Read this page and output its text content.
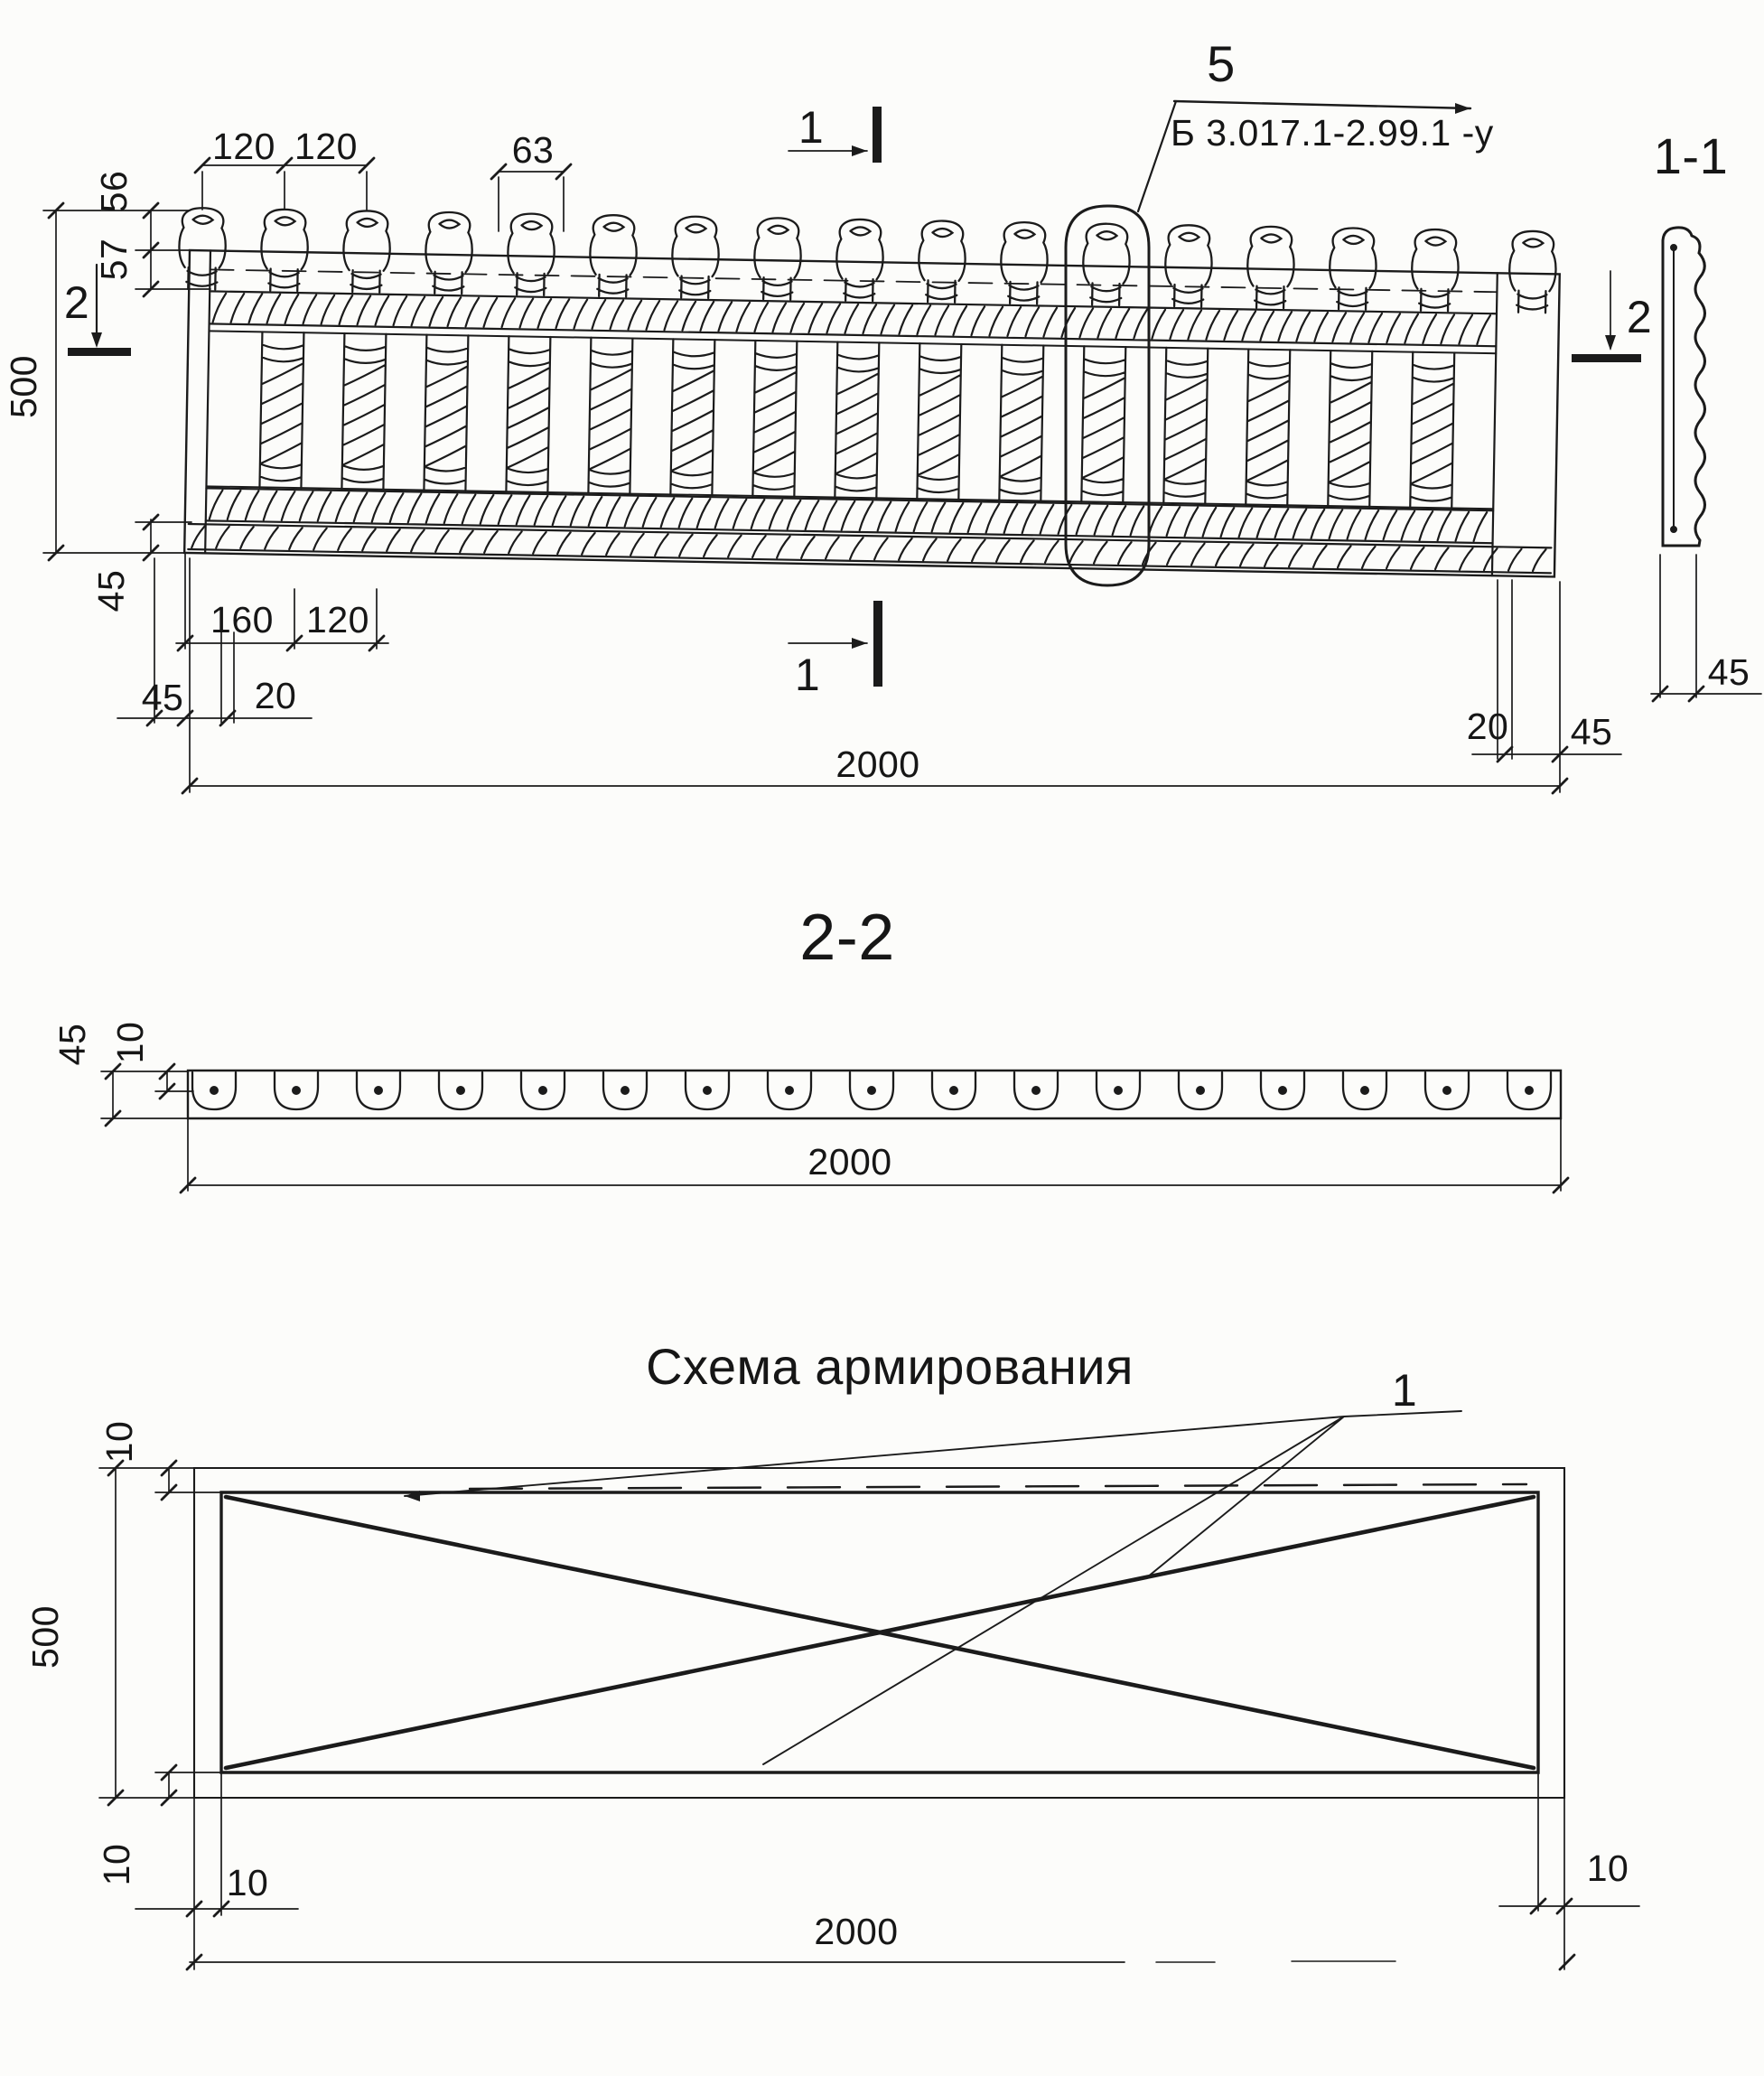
120 120	63
56
57
500
45
2	2
1
1
5
Б 3.017.1-2.99.1 -у	1-1
160 120
45 20
20 45
2000
45
2-2
45 10
2000
Схема армирования	1
10
500
10 10	10
2000
